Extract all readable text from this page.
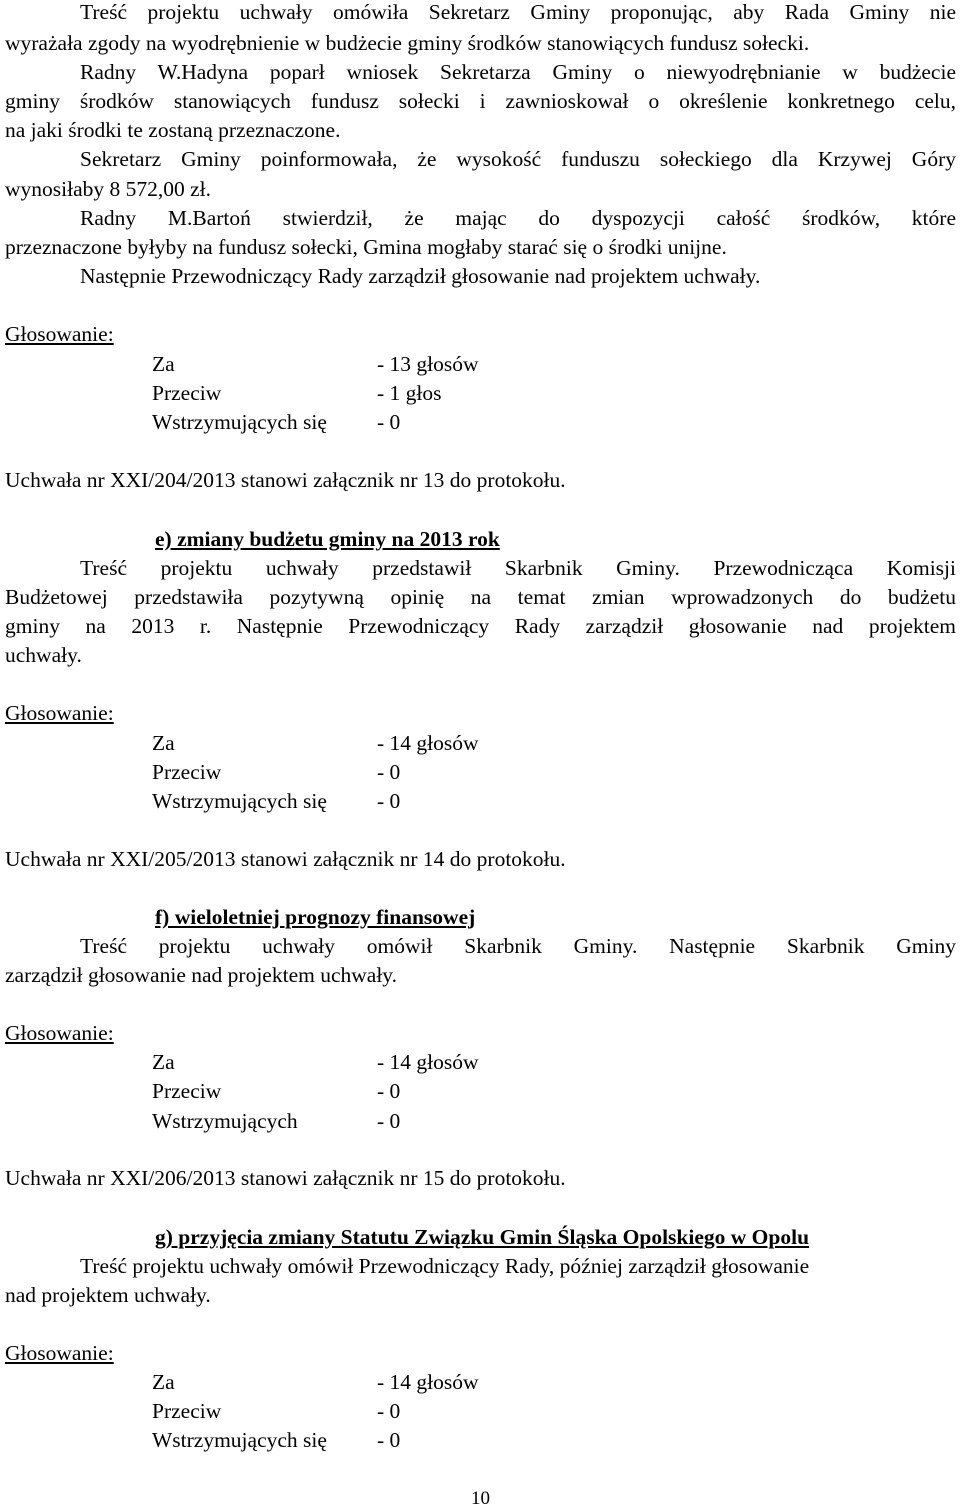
Treść projektu uchwały omówiła Sekretarz Gminy proponując, aby Rada Gminy nie
wyrażała zgody na wyodrębnienie w budżecie gminy środków stanowiących fundusz sołecki.
Radny W.Hadyna poparł wniosek Sekretarza Gminy o niewyodrębnianie w budżecie
gminy środków stanowiących fundusz sołecki i zawnioskował o określenie konkretnego celu,
na jaki środki te zostaną przeznaczone.
Sekretarz Gminy poinformowała, że wysokość funduszu sołeckiego dla Krzywej Góry
wynosiłaby 8 572,00 zł.
Radny M.Bartoń stwierdził, że mając do dyspozycji całość środków, które
przeznaczone byłyby na fundusz sołecki, Gmina mogłaby starać się o środki unijne.
Następnie Przewodniczący Rady zarządził głosowanie nad projektem uchwały.
Głosowanie:
Za	- 13 głosów
Przeciw	- 1 głos
Wstrzymujących się - 0
Uchwała nr XXI/204/2013 stanowi załącznik nr 13 do protokołu.
e) zmiany budżetu gminy na 2013 rok
Treść projektu uchwały przedstawił Skarbnik Gminy. Przewodnicząca Komisji
Budżetowej przedstawiła pozytywną opinię na temat zmian wprowadzonych do budżetu
gminy na 2013 r. Następnie Przewodniczący Rady zarządził głosowanie nad projektem
uchwały.
Głosowanie:
Za	- 14 głosów
Przeciw	- 0
Wstrzymujących się - 0
Uchwała nr XXI/205/2013 stanowi załącznik nr 14 do protokołu.
f) wieloletniej prognozy finansowej
Treść projektu uchwały omówił Skarbnik Gminy. Następnie Skarbnik Gminy
zarządził głosowanie nad projektem uchwały.
Głosowanie:
Za	- 14 głosów
Przeciw	- 0
Wstrzymujących	- 0
Uchwała nr XXI/206/2013 stanowi załącznik nr 15 do protokołu.
g) przyjęcia zmiany Statutu Związku Gmin Śląska Opolskiego w Opolu
Treść projektu uchwały omówił Przewodniczący Rady, później zarządził głosowanie
nad projektem uchwały.
Głosowanie:
Za	- 14 głosów
Przeciw	- 0
Wstrzymujących się - 0
10
